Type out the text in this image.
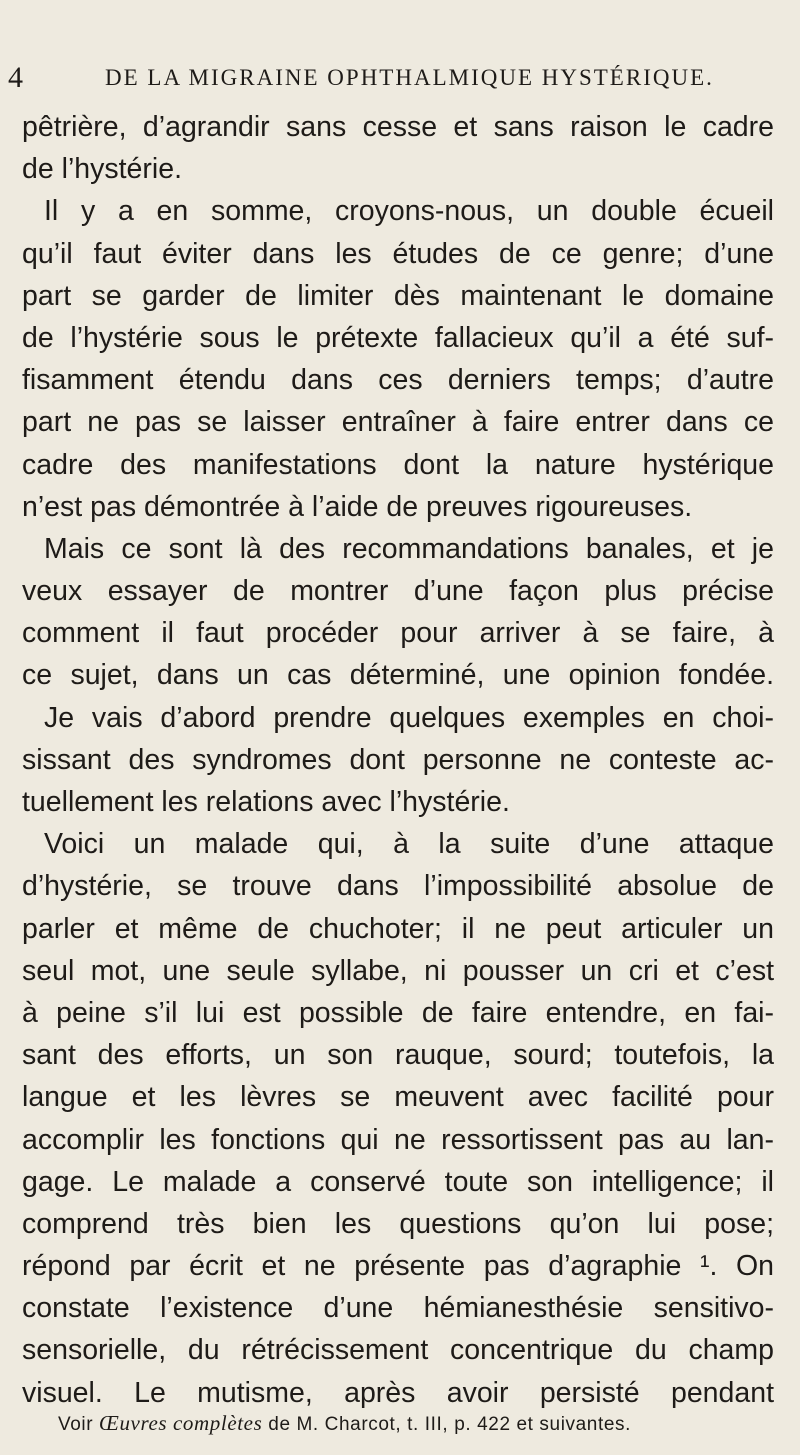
4	DE LA MIGRAINE OPHTHALMIQUE HYSTÉRIQUE.
pêtrière, d’agrandir sans cesse et sans raison le cadre
de l’hystérie.
Il y a en somme, croyons-nous, un double écueil
qu’il faut éviter dans les études de ce genre; d’une
part se garder de limiter dès maintenant le domaine
de l’hystérie sous le prétexte fallacieux qu’il a été suf-
fisamment étendu dans ces derniers temps; d’autre
part ne pas se laisser entraîner à faire entrer dans ce
cadre des manifestations dont la nature hystérique
n’est pas démontrée à l’aide de preuves rigoureuses.
Mais ce sont là des recommandations banales, et je
veux essayer de montrer d’une façon plus précise
comment il faut procéder pour arriver à se faire, à
ce sujet, dans un cas déterminé, une opinion fondée.
Je vais d’abord prendre quelques exemples en choi-
sissant des syndromes dont personne ne conteste ac-
tuellement les relations avec l’hystérie.
Voici un malade qui, à la suite d’une attaque
d’hystérie, se trouve dans l’impossibilité absolue de
parler et même de chuchoter; il ne peut articuler un
seul mot, une seule syllabe, ni pousser un cri et c’est
à peine s’il lui est possible de faire entendre, en fai-
sant des efforts, un son rauque, sourd; toutefois, la
langue et les lèvres se meuvent avec facilité pour
accomplir les fonctions qui ne ressortissent pas au lan-
gage. Le malade a conservé toute son intelligence; il
comprend très bien les questions qu’on lui pose;
répond par écrit et ne présente pas d’agraphie ¹. On
constate l’existence d’une hémianesthésie sensitivo-
sensorielle, du rétrécissement concentrique du champ
visuel. Le mutisme, après avoir persisté pendant
Voir Œuvres complètes de M. Charcot, t. III, p. 422 et suivantes.
